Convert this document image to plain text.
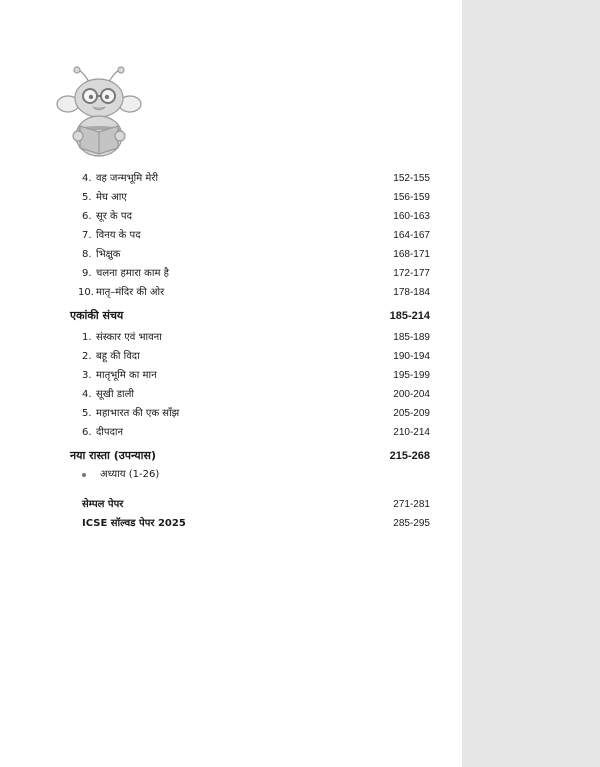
4. वह जन्मभूमि मेरी	152-155
5. मेघ आए	156-159
6. सूर के पद	160-163
7. विनय के पद	164-167
8. भिक्षुक	168-171
9. चलना हमारा काम है	172-177
10. मातृ–मंदिर की ओर	178-184
एकांकी संचय	185-214
1. संस्कार एवं भावना	185-189
2. बहू की विदा	190-194
3. मातृभूमि का मान	195-199
4. सूखी डाली	200-204
5. महाभारत की एक साँझ	205-209
6. दीपदान	210-214
नया रास्ता (उपन्यास)	215-268
अध्याय (1-26)
सेम्पल पेपर	271-281
ICSE सॉल्वड पेपर 2025	285-295
